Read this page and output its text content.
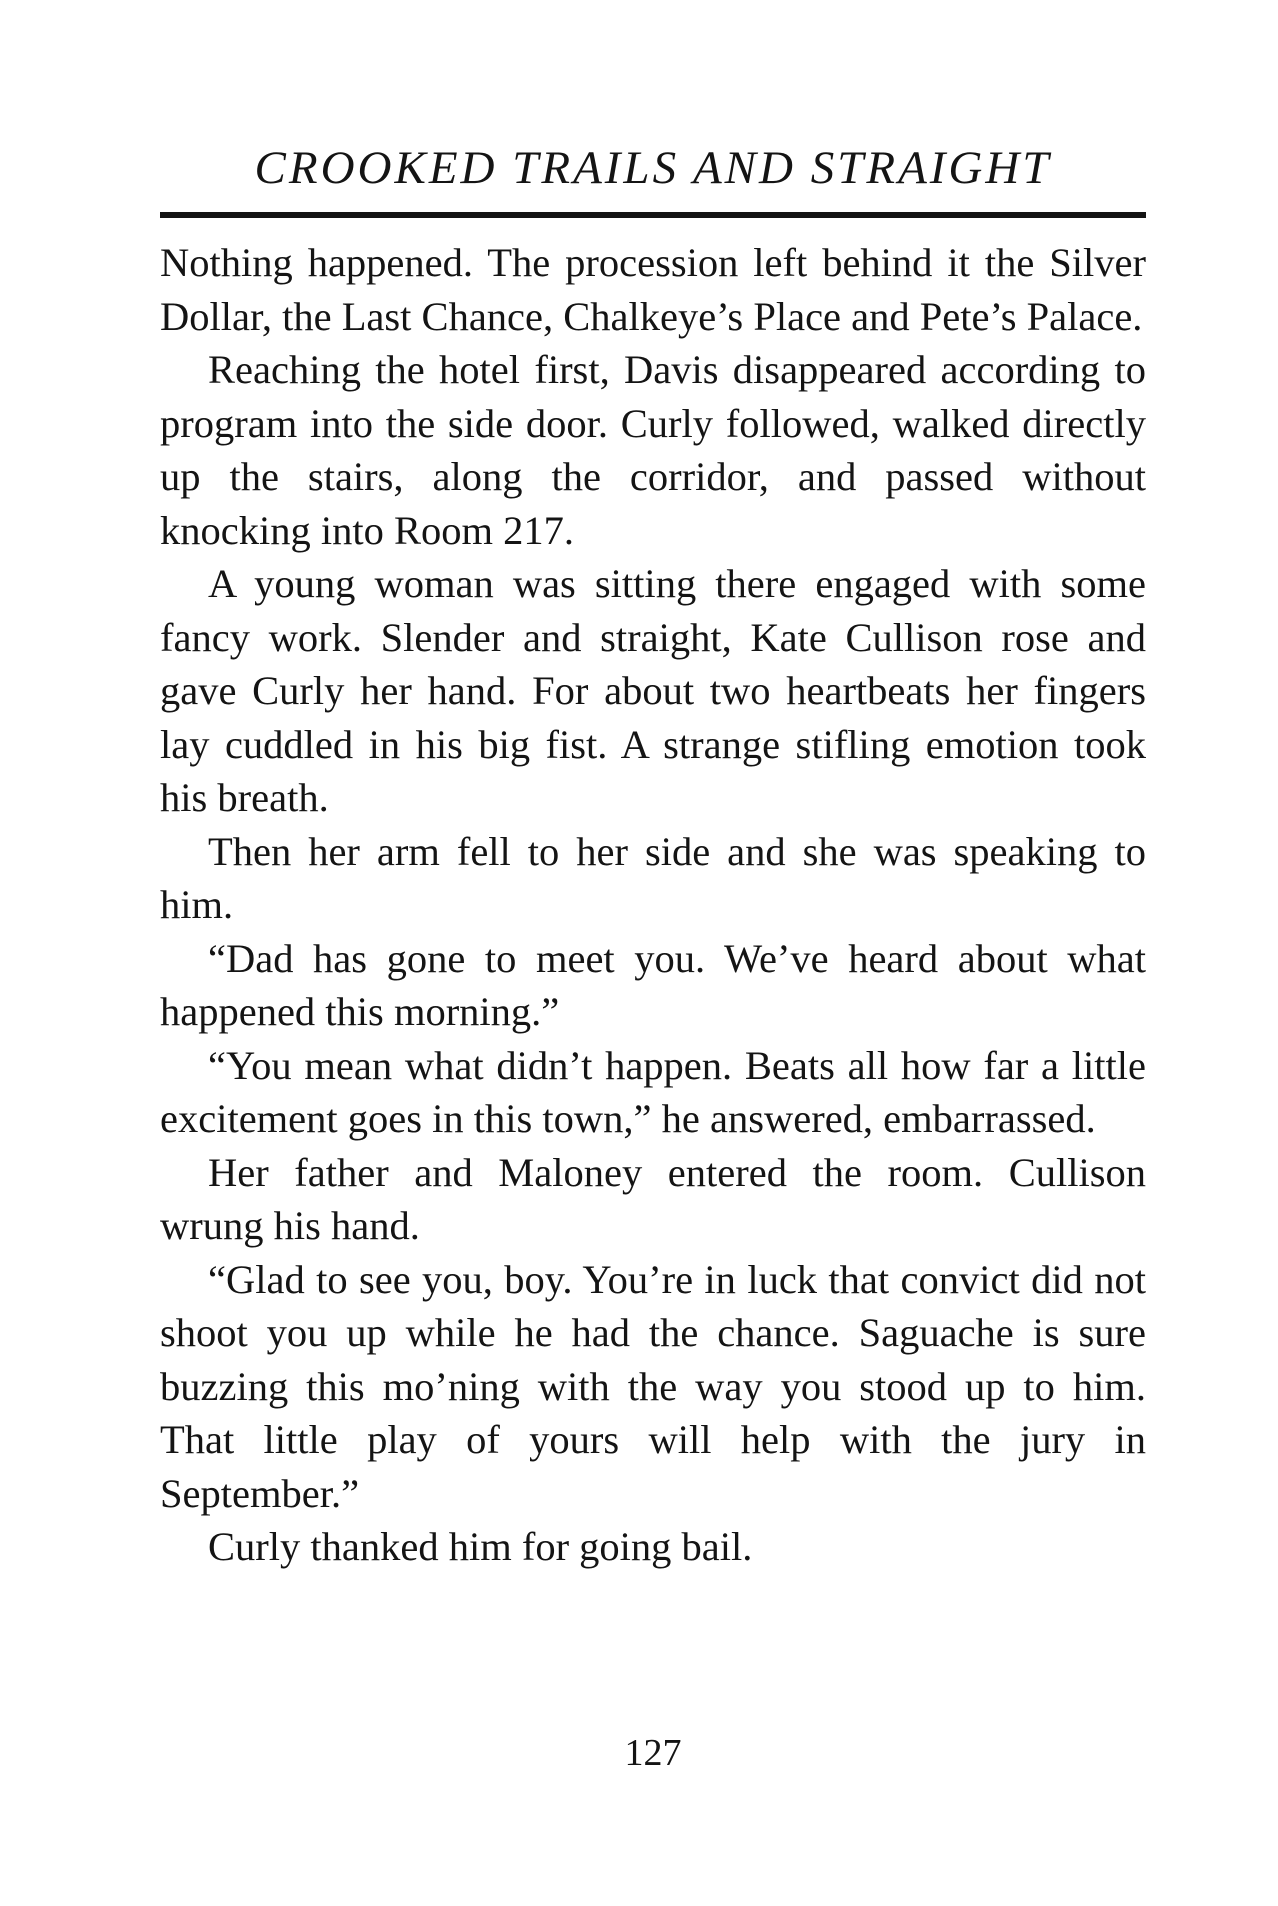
CROOKED TRAILS AND STRAIGHT

Nothing happened. The procession left behind it the Silver Dollar, the Last Chance, Chalkeye’s Place and Pete’s Palace.

Reaching the hotel first, Davis disappeared according to program into the side door. Curly followed, walked directly up the stairs, along the corridor, and passed without knocking into Room 217.

A young woman was sitting there engaged with some fancy work. Slender and straight, Kate Cullison rose and gave Curly her hand. For about two heartbeats her fingers lay cuddled in his big fist. A strange stifling emotion took his breath.

Then her arm fell to her side and she was speaking to him.

“Dad has gone to meet you. We’ve heard about what happened this morning.”

“You mean what didn’t happen. Beats all how far a little excitement goes in this town,” he answered, embarrassed.

Her father and Maloney entered the room. Cullison wrung his hand.

“Glad to see you, boy. You’re in luck that convict did not shoot you up while he had the chance. Saguache is sure buzzing this mo’ning with the way you stood up to him. That little play of yours will help with the jury in September.”

Curly thanked him for going bail.

127
